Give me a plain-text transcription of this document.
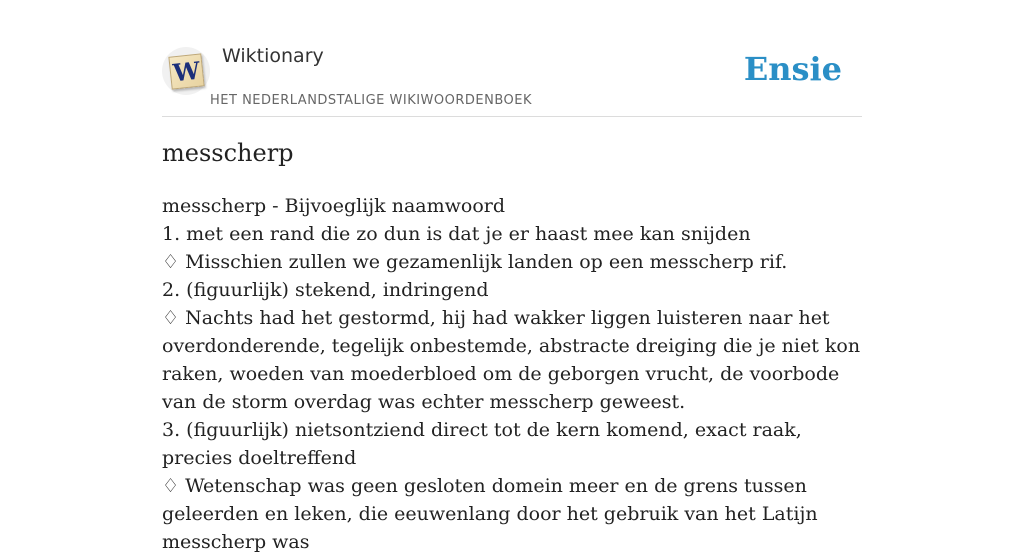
W Wiktionary
HET NEDERLANDSTALIGE WIKIWOORDENBOEK
Ensie
messcherp
messcherp - Bijvoeglijk naamwoord
1. met een rand die zo dun is dat je er haast mee kan snijden
♢ Misschien zullen we gezamenlijk landen op een messcherp rif.
2. (figuurlijk) stekend, indringend
♢ Nachts had het gestormd, hij had wakker liggen luisteren naar het overdonderende, tegelijk onbestemde, abstracte dreiging die je niet kon raken, woeden van moederbloed om de geborgen vrucht, de voorbode van de storm overdag was echter messcherp geweest.
3. (figuurlijk) nietsontziend direct tot de kern komend, exact raak, precies doeltreffend
♢ Wetenschap was geen gesloten domein meer en de grens tussen geleerden en leken, die eeuwenlang door het gebruik van het Latijn messcherp was
